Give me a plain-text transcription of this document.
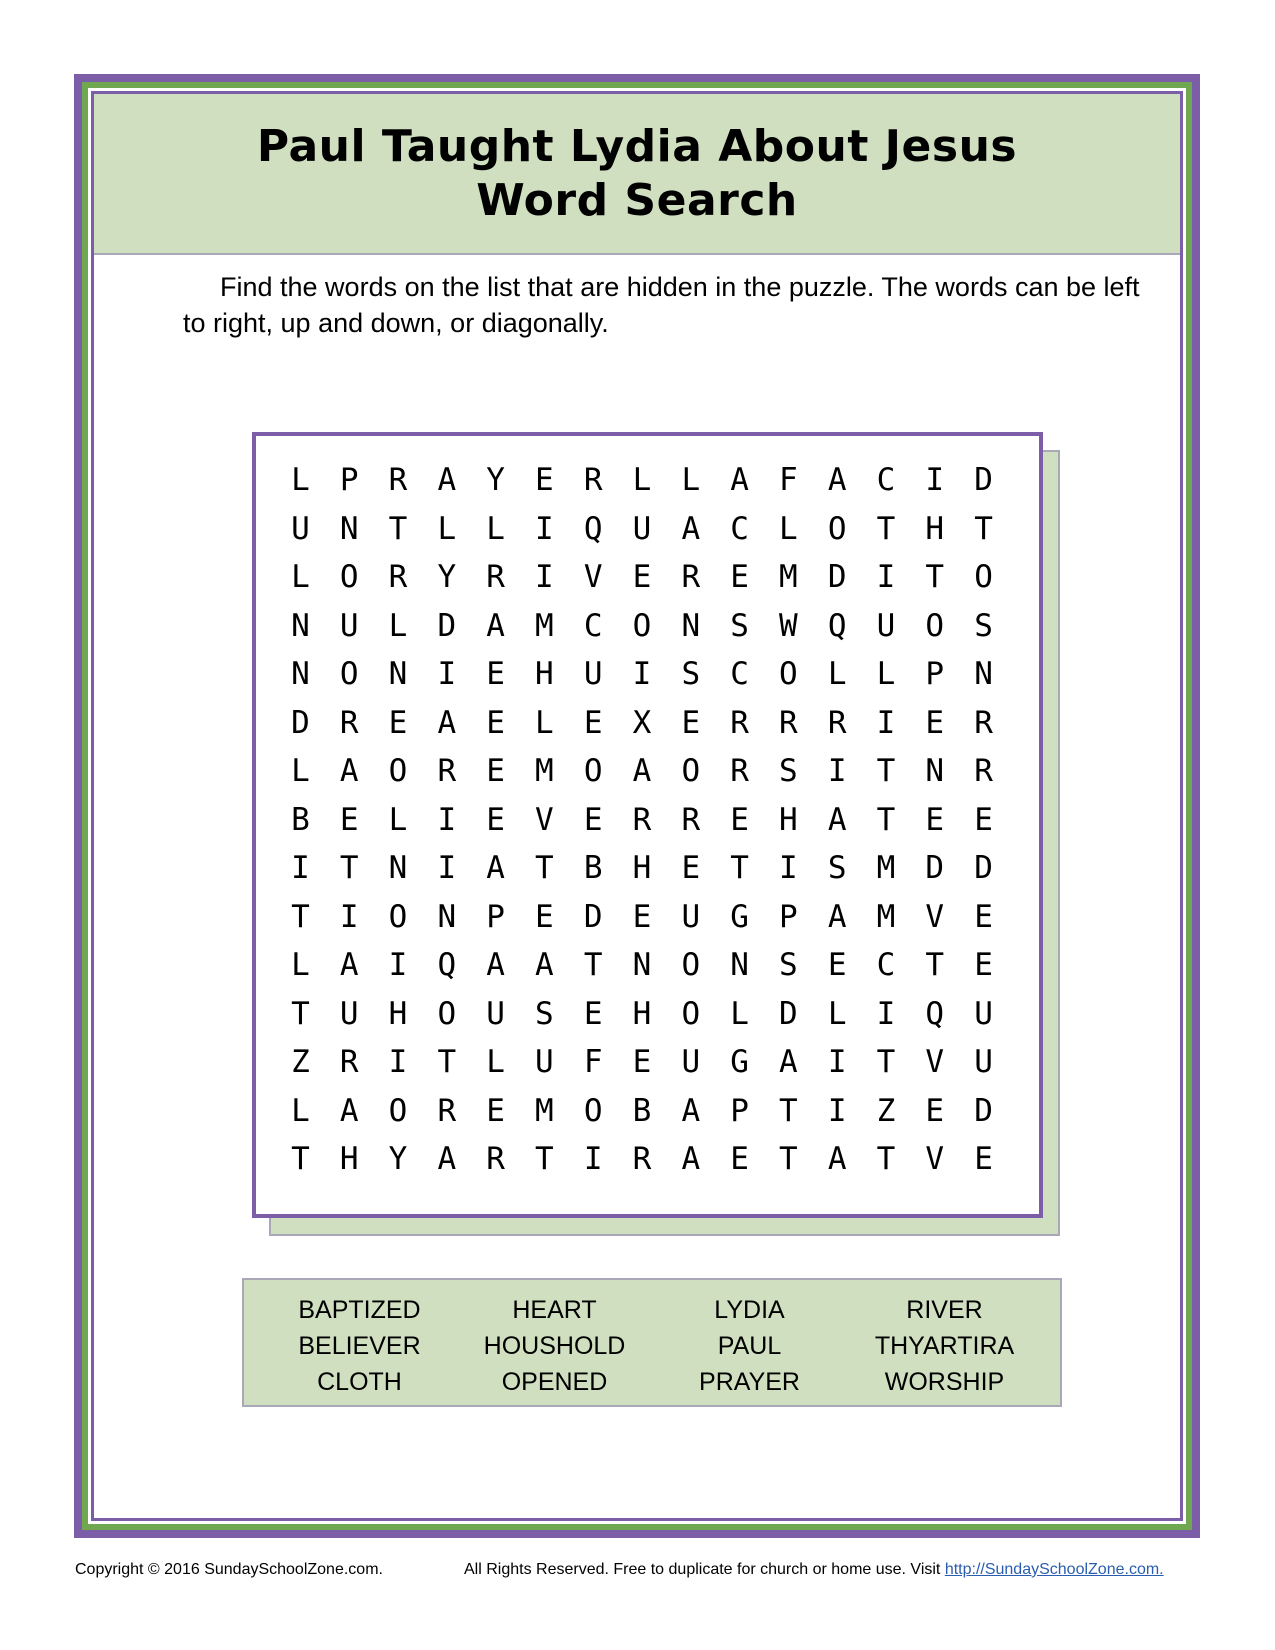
Paul Taught Lydia About Jesus
Word Search
Find the words on the list that are hidden in the puzzle. The words can be left to right, up and down, or diagonally.
L P R A Y E R L L A F A C I D
U N T L L I Q U A C L O T H T
L O R Y R I V E R E M D I T O
N U L D A M C O N S W Q U O S
N O N I E H U I S C O L L P N
D R E A E L E X E R R R I E R
L A O R E M O A O R S I T N R
B E L I E V E R R E H A T E E
I T N I A T B H E T I S M D D
T I O N P E D E U G P A M V E
L A I Q A A T N O N S E C T E
T U H O U S E H O L D L I Q U
Z R I T L U F E U G A I T V U
L A O R E M O B A P T I Z E D
T H Y A R T I R A E T A T V E
BAPTIZED
BELIEVER
CLOTH
HEART
HOUSHOLD
OPENED
LYDIA
PAUL
PRAYER
RIVER
THYARTIRA
WORSHIP
Copyright © 2016 SundaySchoolZone.com.	All Rights Reserved. Free to duplicate for church or home use. Visit http://SundaySchoolZone.com.
